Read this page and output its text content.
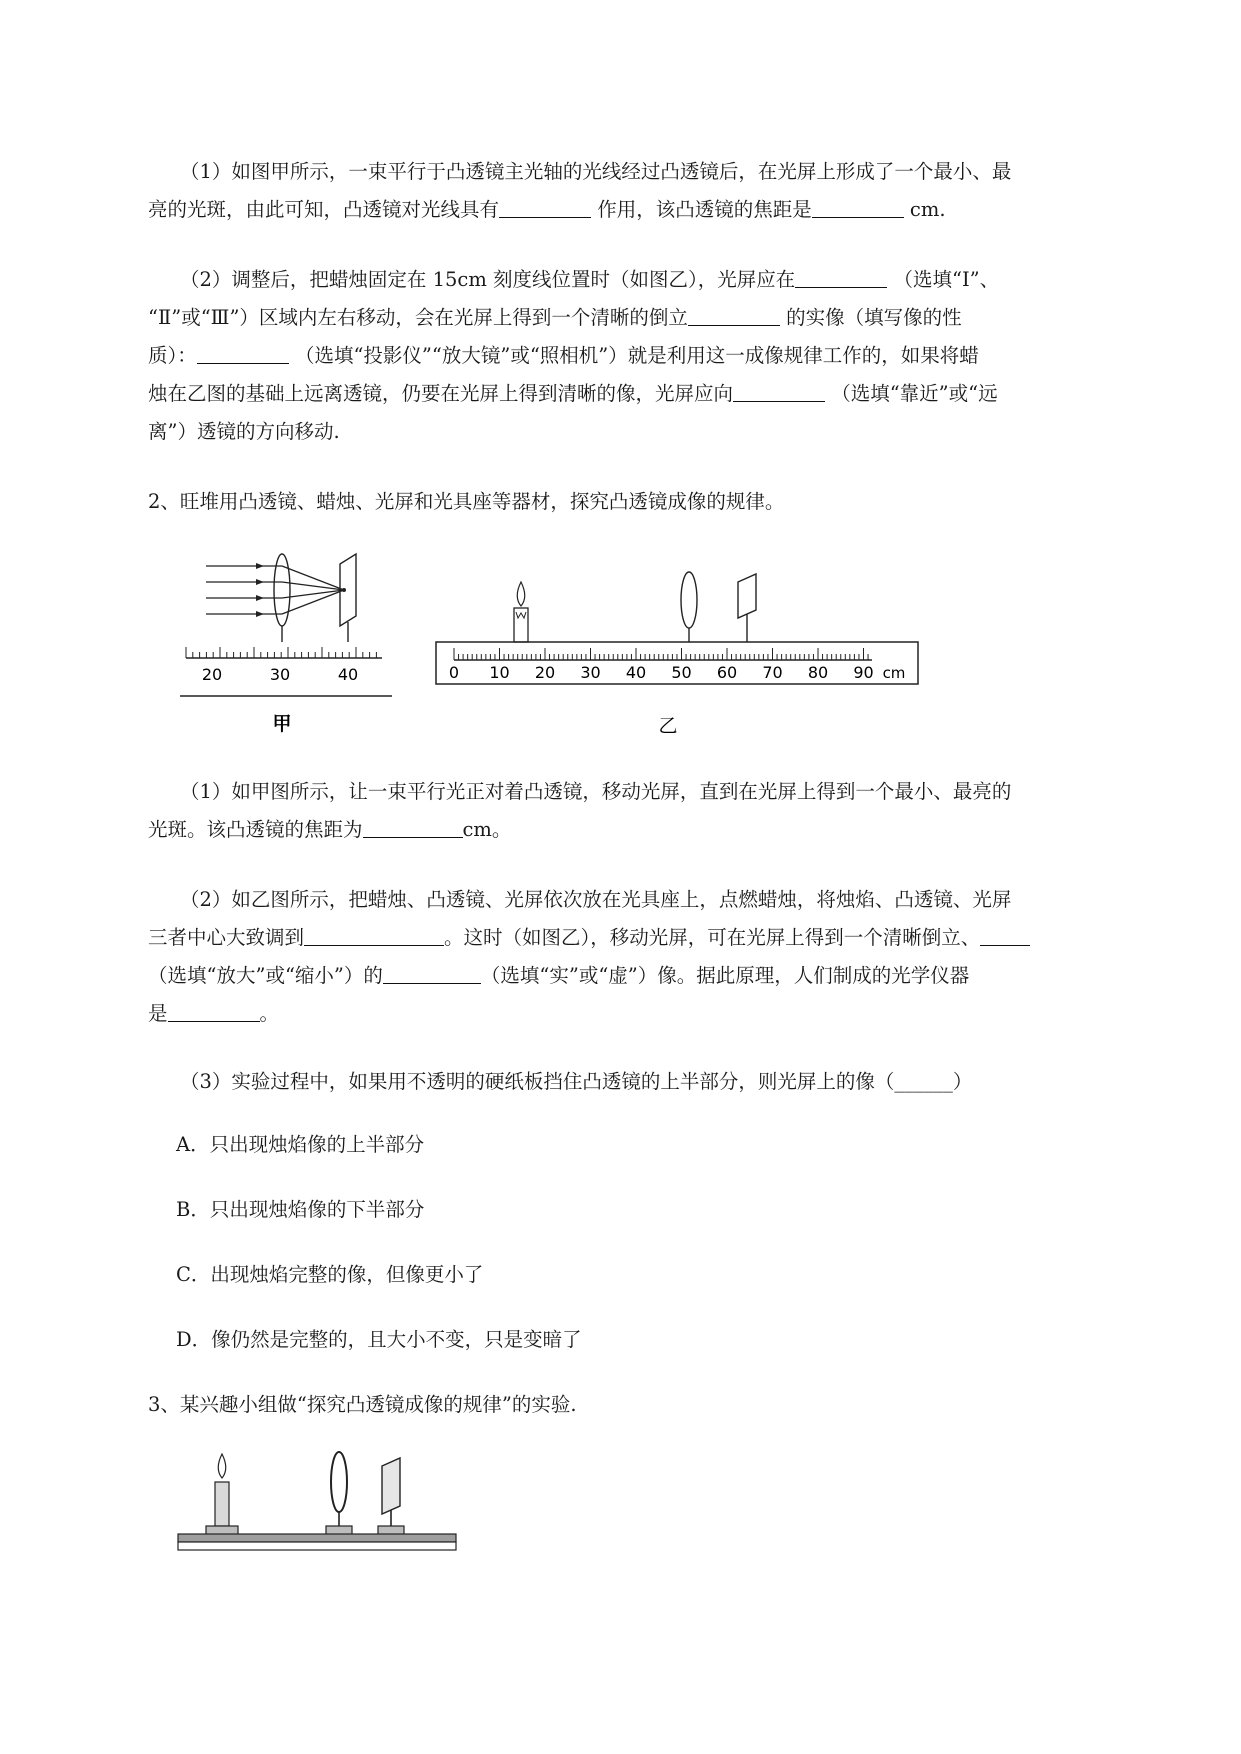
（1）如图甲所示，一束平行于凸透镜主光轴的光线经过凸透镜后，在光屏上形成了一个最小、最
亮的光斑，由此可知，凸透镜对光线具有	作用，该凸透镜的焦距是	cm.
（2）调整后，把蜡烛固定在 15cm 刻度线位置时（如图乙），光屏应在	（选填“Ⅰ”、
“Ⅱ”或“Ⅲ”）区域内左右移动，会在光屏上得到一个清晰的倒立	的实像（填写像的性
质）：	（选填“投影仪”“放大镜”或“照相机”）就是利用这一成像规律工作的，如果将蜡
烛在乙图的基础上远离透镜，仍要在光屏上得到清晰的像，光屏应向	（选填“靠近”或“远
离”）透镜的方向移动.
2、旺堆用凸透镜、蜡烛、光屏和光具座等器材，探究凸透镜成像的规律。
20	30	40
甲
0 10 20 30 40 50 60 70 80 90 cm
乙
（1）如甲图所示，让一束平行光正对着凸透镜，移动光屏，直到在光屏上得到一个最小、最亮的
光斑。该凸透镜的焦距为	cm。
（2）如乙图所示，把蜡烛、凸透镜、光屏依次放在光具座上，点燃蜡烛，将烛焰、凸透镜、光屏
三者中心大致调到	。这时（如图乙），移动光屏，可在光屏上得到一个清晰倒立、
（选填“放大”或“缩小”）的	（选填“实”或“虚”）像。据此原理，人们制成的光学仪器
是	。
（3）实验过程中，如果用不透明的硬纸板挡住凸透镜的上半部分，则光屏上的像（______）
A．只出现烛焰像的上半部分
B．只出现烛焰像的下半部分
C．出现烛焰完整的像，但像更小了
D．像仍然是完整的，且大小不变，只是变暗了
3、某兴趣小组做“探究凸透镜成像的规律”的实验.
